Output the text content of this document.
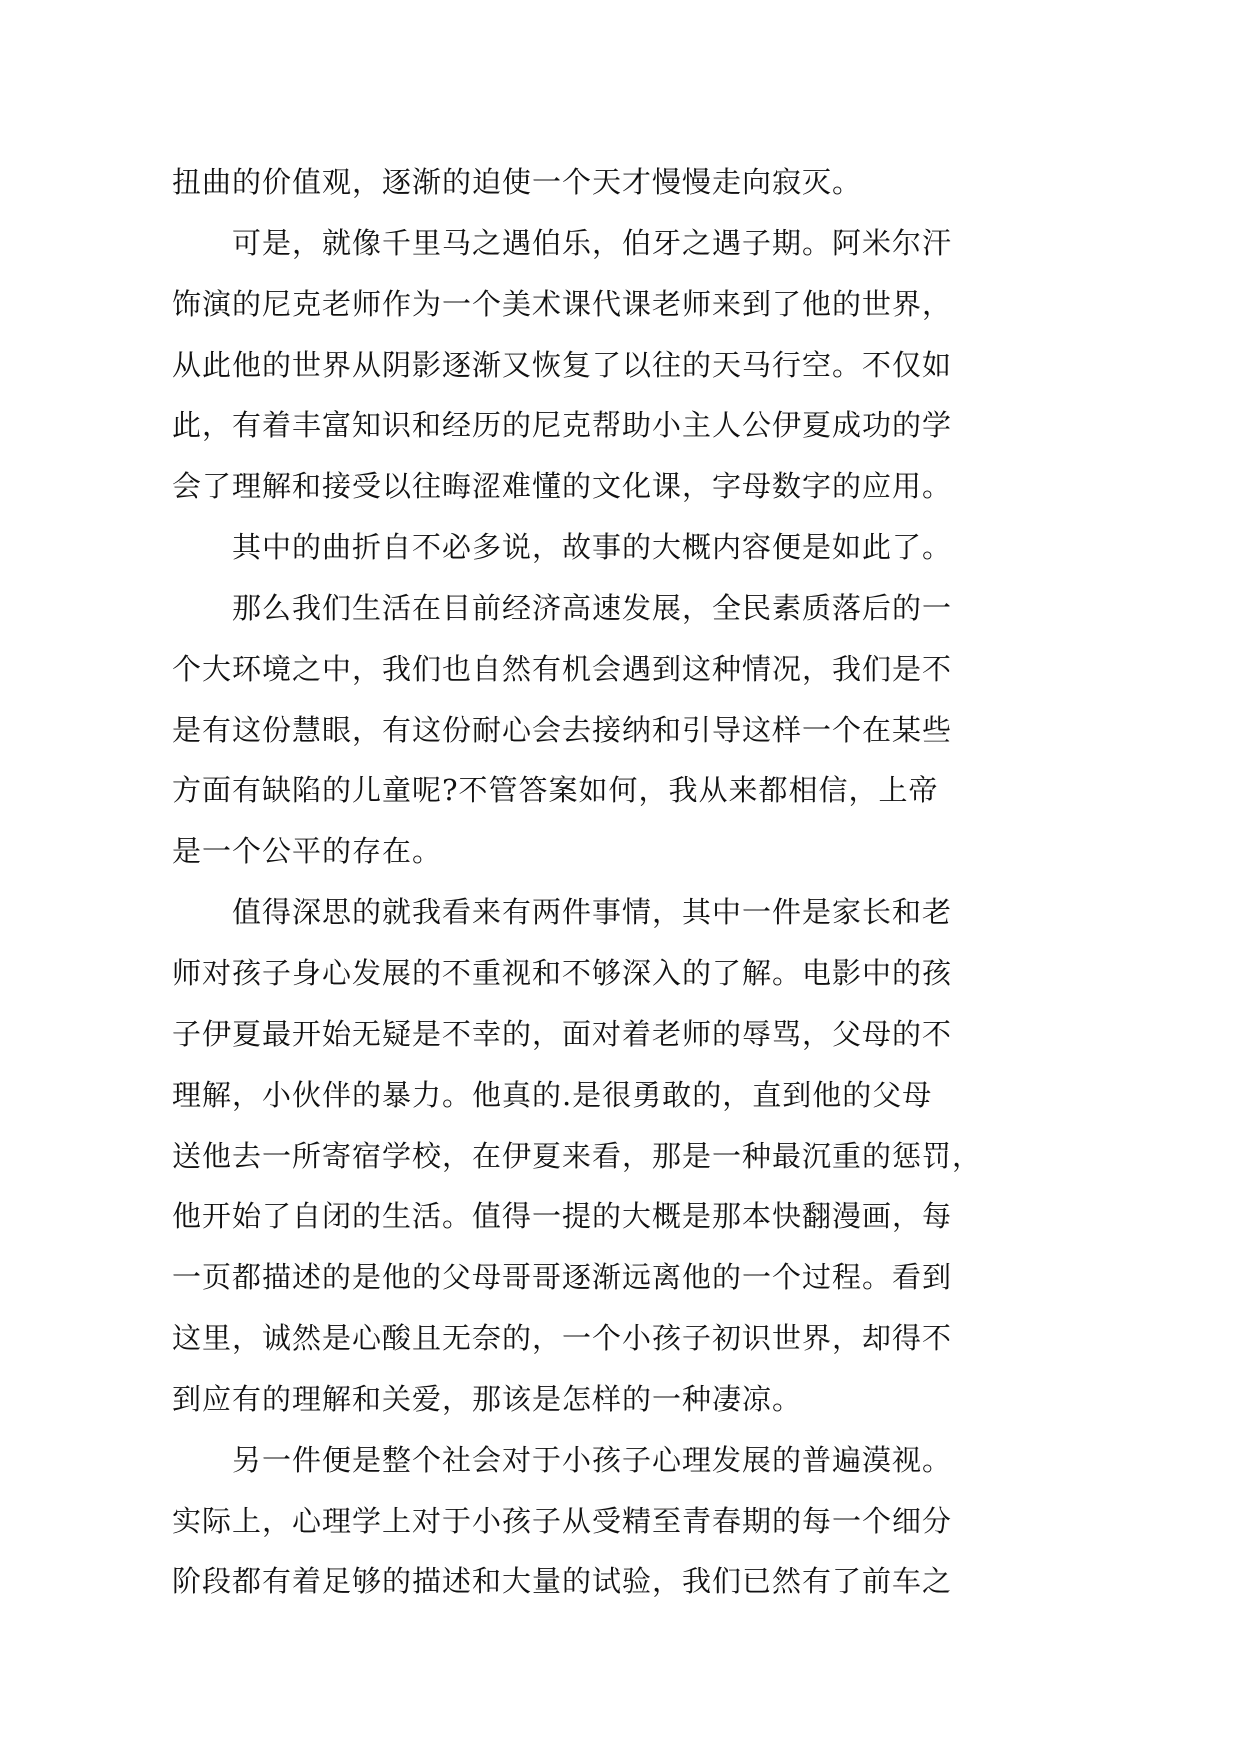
扭曲的价值观，逐渐的迫使一个天才慢慢走向寂灭。
可是，就像千里马之遇伯乐，伯牙之遇子期。阿米尔汗
饰演的尼克老师作为一个美术课代课老师来到了他的世界，
从此他的世界从阴影逐渐又恢复了以往的天马行空。不仅如
此，有着丰富知识和经历的尼克帮助小主人公伊夏成功的学
会了理解和接受以往晦涩难懂的文化课，字母数字的应用。
其中的曲折自不必多说，故事的大概内容便是如此了。
那么我们生活在目前经济高速发展，全民素质落后的一
个大环境之中，我们也自然有机会遇到这种情况，我们是不
是有这份慧眼，有这份耐心会去接纳和引导这样一个在某些
方面有缺陷的儿童呢?不管答案如何，我从来都相信，上帝
是一个公平的存在。
值得深思的就我看来有两件事情，其中一件是家长和老
师对孩子身心发展的不重视和不够深入的了解。电影中的孩
子伊夏最开始无疑是不幸的，面对着老师的辱骂，父母的不
理解，小伙伴的暴力。他真的.是很勇敢的，直到他的父母
送他去一所寄宿学校，在伊夏来看，那是一种最沉重的惩罚，
他开始了自闭的生活。值得一提的大概是那本快翻漫画，每
一页都描述的是他的父母哥哥逐渐远离他的一个过程。看到
这里，诚然是心酸且无奈的，一个小孩子初识世界，却得不
到应有的理解和关爱，那该是怎样的一种凄凉。
另一件便是整个社会对于小孩子心理发展的普遍漠视。
实际上，心理学上对于小孩子从受精至青春期的每一个细分
阶段都有着足够的描述和大量的试验，我们已然有了前车之
